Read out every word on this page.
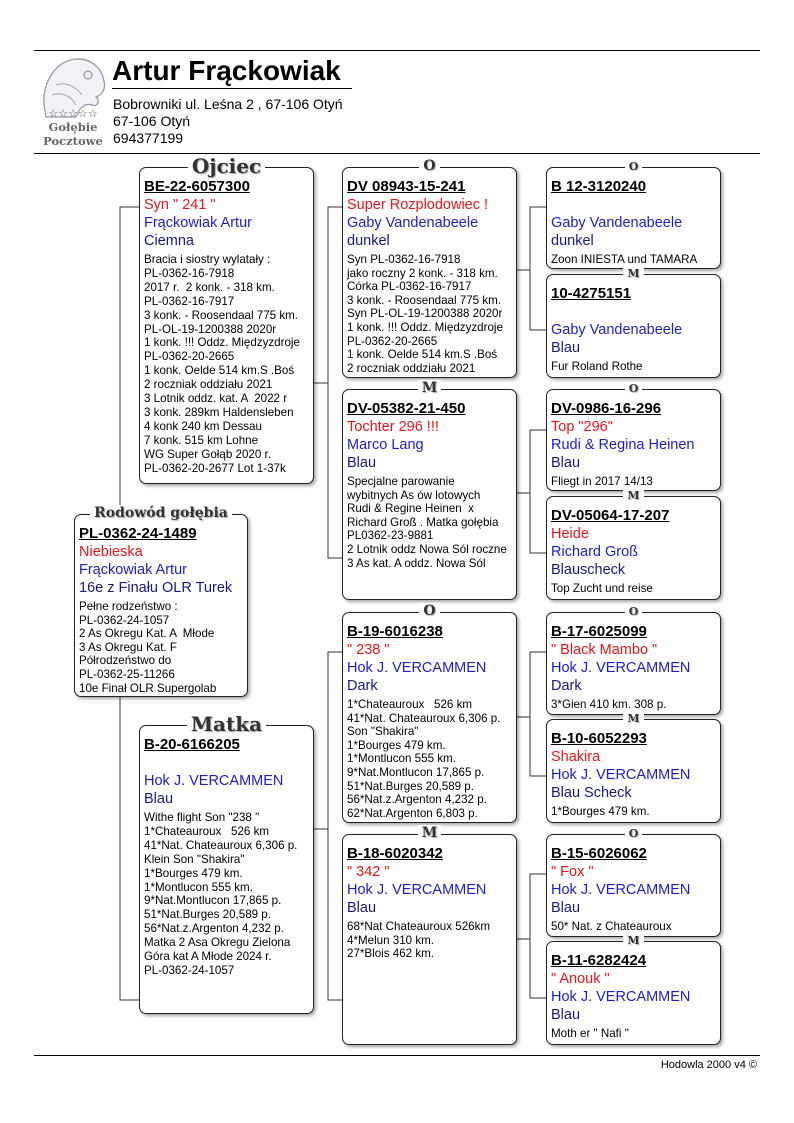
☆☆☆☆☆
Gołębie
Pocztowe
Artur Frąckowiak
Bobrowniki ul. Leśna 2 , 67-106 Otyń
67-106 Otyń
694377199
Rodowód gołębia
PL-0362-24-1489
Niebieska
Frąckowiak Artur
16e z Finału OLR Turek
Pełne rodzeństwo :
PL-0362-24-1057
2 As Okregu Kat. A  Młode
3 As Okregu Kat. F
Półrodzeństwo do
PL-0362-25-11266
10e Finał OLR Supergolab
Ojciec
BE-22-6057300
Syn " 241 "
Frąckowiak Artur
Ciemna
Bracia i siostry wylatały :
PL-0362-16-7918
2017 r.  2 konk. - 318 km.
PL-0362-16-7917
3 konk. - Roosendaal 775 km.
PL-OL-19-1200388 2020r
1 konk. !!! Oddz. Międzyzdroje
PL-0362-20-2665
1 konk. Oelde 514 km.S .Boś
2 roczniak oddziału 2021
3 Lotnik oddz. kat. A  2022 r
3 konk. 289km Haldensleben
4 konk 240 km Dessau
7 konk. 515 km Lohne
WG Super Gołąb 2020 r.
PL-0362-20-2677 Lot 1-37k
Matka
B-20-6166205
Hok J. VERCAMMEN
Blau
Withe flight Son "238 "
1*Chateauroux   526 km
41*Nat. Chateauroux 6,306 p.
Klein Son "Shakira"
1*Bourges 479 km.
1*Montlucon 555 km.
9*Nat.Montlucon 17,865 p.
51*Nat.Burges 20,589 p.
56*Nat.z.Argenton 4,232 p.
Matka 2 Asa Okregu Zielona
Góra kat A Młode 2024 r.
PL-0362-24-1057
O
DV 08943-15-241
Super Rozplodowiec !
Gaby Vandenabeele
dunkel
Syn PL-0362-16-7918
jako roczny 2 konk. - 318 km.
Córka PL-0362-16-7917
3 konk. - Roosendaal 775 km.
Syn PL-OL-19-1200388 2020r
1 konk. !!! Oddz. Międzyzdroje
PL-0362-20-2665
1 konk. Oelde 514 km.S .Boś
2 roczniak oddziału 2021
M
DV-05382-21-450
Tochter 296 !!!
Marco Lang
Blau
Specjalne parowanie
wybitnych As ów lotowych
Rudi & Regine Heinen  x
Richard Groß . Matka gołębia
PL0362-23-9881
2 Lotnik oddz Nowa Sól roczne
3 As kat. A oddz. Nowa Sól
O
B-19-6016238
" 238 "
Hok J. VERCAMMEN
Dark
1*Chateauroux   526 km
41*Nat. Chateauroux 6,306 p.
Son "Shakira"
1*Bourges 479 km.
1*Montlucon 555 km.
9*Nat.Montlucon 17,865 p.
51*Nat.Burges 20,589 p.
56*Nat.z.Argenton 4,232 p.
62*Nat.Argenton 6,803 p.
M
B-18-6020342
" 342 "
Hok J. VERCAMMEN
Blau
68*Nat Chateauroux 526km
4*Melun 310 km.
27*Blois 462 km.
O
B 12-3120240
Gaby Vandenabeele
dunkel
Zoon INIESTA und TAMARA
M
10-4275151
Gaby Vandenabeele
Blau
Fur Roland Rothe
O
DV-0986-16-296
Top "296"
Rudi & Regina Heinen
Blau
Fliegt in 2017 14/13
M
DV-05064-17-207
Heide
Richard Groß
Blauscheck
Top Zucht und reise
O
B-17-6025099
" Black Mambo "
Hok J. VERCAMMEN
Dark
3*Gien 410 km. 308 p.
M
B-10-6052293
Shakira
Hok J. VERCAMMEN
Blau Scheck
1*Bourges 479 km.
O
B-15-6026062
" Fox "
Hok J. VERCAMMEN
Blau
50* Nat. z Chateauroux
M
B-11-6282424
" Anouk "
Hok J. VERCAMMEN
Blau
Moth er " Nafi "
Hodowla 2000 v4 ©
